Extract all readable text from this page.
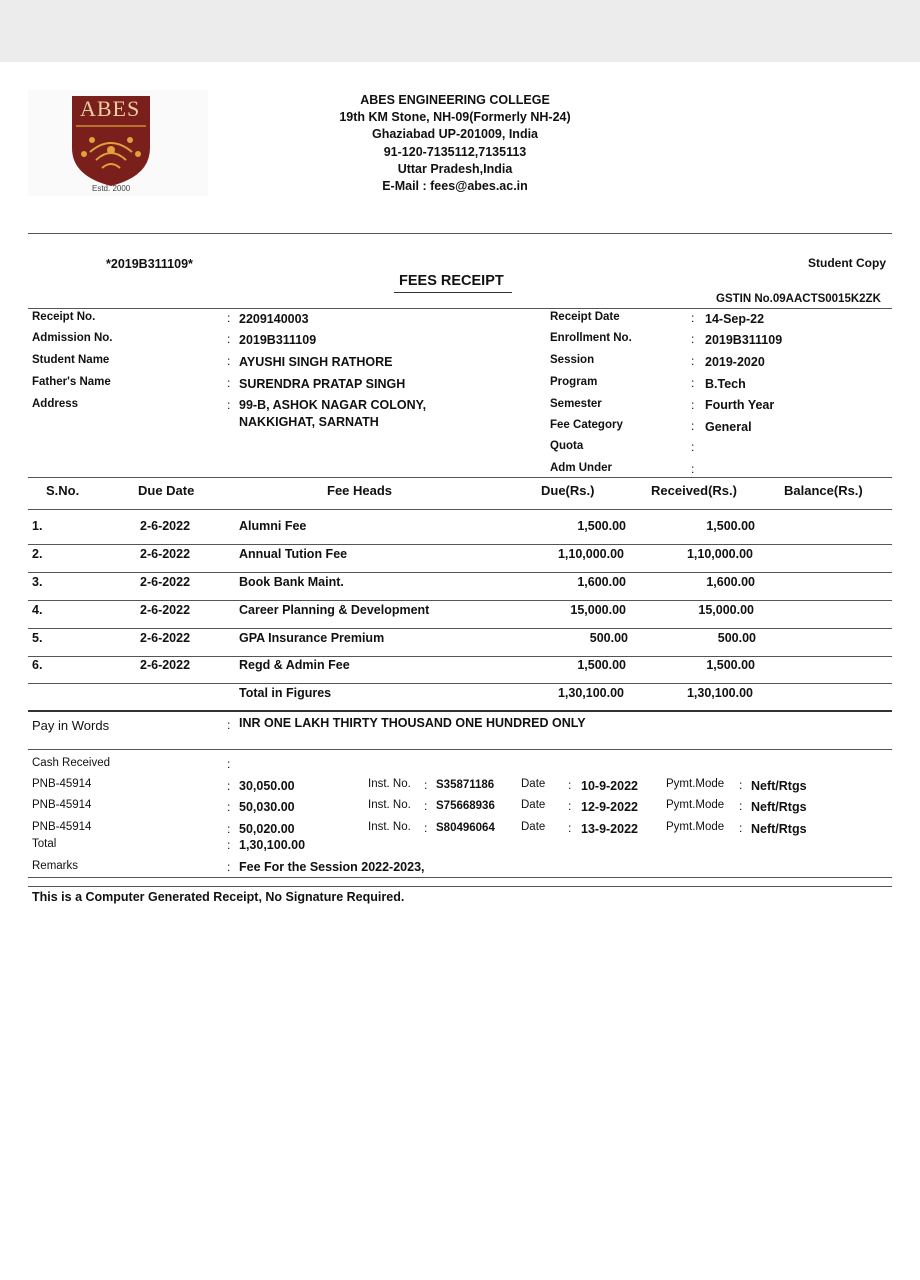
ABES
Estd. 2000
ABES ENGINEERING COLLEGE
19th KM Stone, NH-09(Formerly NH-24)
Ghaziabad UP-201009, India
91-120-7135112,7135113
Uttar Pradesh,India
E-Mail : fees@abes.ac.in
*2019B311109*	Student Copy
FEES RECEIPT
GSTIN No.09AACTS0015K2ZK
Receipt No.	: 2209140003
Admission No.	: 2019B311109
Student Name	: AYUSHI SINGH RATHORE
Father's Name	: SURENDRA PRATAP SINGH
Address	: 99-B, ASHOK NAGAR COLONY,
NAKKIGHAT, SARNATH
Receipt Date	: 14-Sep-22
Enrollment No.	: 2019B311109
Session	: 2019-2020
Program	: B.Tech
Semester	: Fourth Year
Fee Category	: General
Quota	:
Adm Under	:
S.No.	Due Date	Fee Heads	Due(Rs.)	Received(Rs.)	Balance(Rs.)
1.	2-6-2022	Alumni Fee	1,500.00	1,500.00
2.	2-6-2022	Annual Tution Fee	1,10,000.00	1,10,000.00
3.	2-6-2022	Book Bank Maint.	1,600.00	1,600.00
4.	2-6-2022	Career Planning & Development	15,000.00	15,000.00
5.	2-6-2022	GPA Insurance Premium	500.00	500.00
6.	2-6-2022	Regd & Admin Fee	1,500.00	1,500.00
Total in Figures	1,30,100.00	1,30,100.00
Pay in Words	: INR ONE LAKH THIRTY THOUSAND ONE HUNDRED ONLY
Cash Received	:
PNB-45914	: 30,050.00	Inst. No. : S35871186 Date : 10-9-2022 Pymt.Mode : Neft/Rtgs
PNB-45914	: 50,030.00	Inst. No. : S75668936 Date : 12-9-2022 Pymt.Mode : Neft/Rtgs
PNB-45914	: 50,020.00	Inst. No. : S80496064 Date : 13-9-2022 Pymt.Mode : Neft/Rtgs
Total	: 1,30,100.00
Remarks	: Fee For the Session 2022-2023,
This is a Computer Generated Receipt, No Signature Required.
